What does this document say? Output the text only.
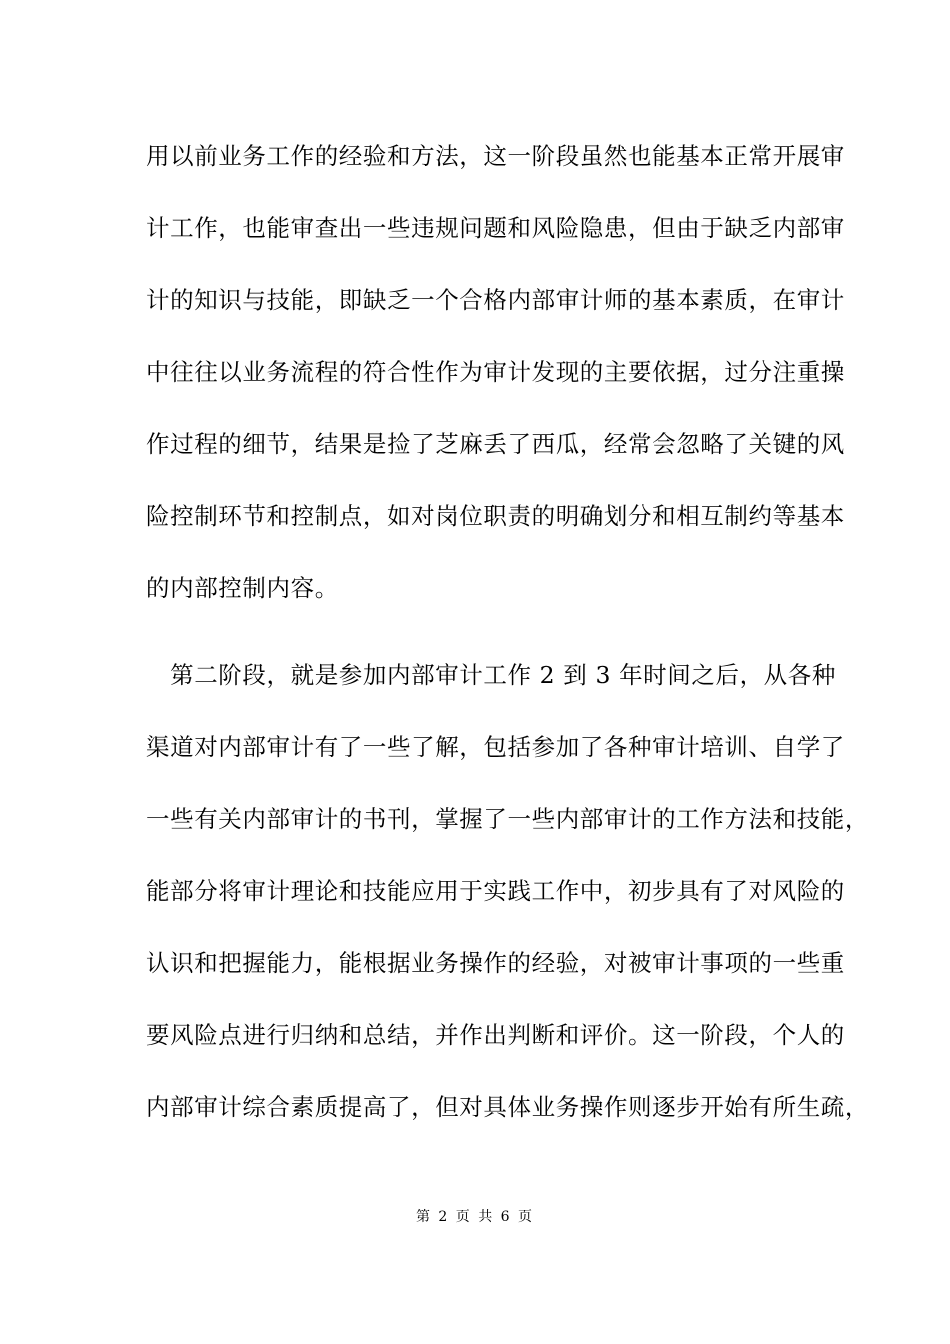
用以前业务工作的经验和方法，这一阶段虽然也能基本正常开展审
计工作，也能审查出一些违规问题和风险隐患，但由于缺乏内部审
计的知识与技能，即缺乏一个合格内部审计师的基本素质，在审计
中往往以业务流程的符合性作为审计发现的主要依据，过分注重操
作过程的细节，结果是捡了芝麻丢了西瓜，经常会忽略了关键的风
险控制环节和控制点，如对岗位职责的明确划分和相互制约等基本
的内部控制内容。
　第二阶段，就是参加内部审计工作 2 到 3 年时间之后，从各种
渠道对内部审计有了一些了解，包括参加了各种审计培训、自学了
一些有关内部审计的书刊，掌握了一些内部审计的工作方法和技能，
能部分将审计理论和技能应用于实践工作中，初步具有了对风险的
认识和把握能力，能根据业务操作的经验，对被审计事项的一些重
要风险点进行归纳和总结，并作出判断和评价。这一阶段，个人的
内部审计综合素质提高了，但对具体业务操作则逐步开始有所生疏，
第 2 页 共 6 页
